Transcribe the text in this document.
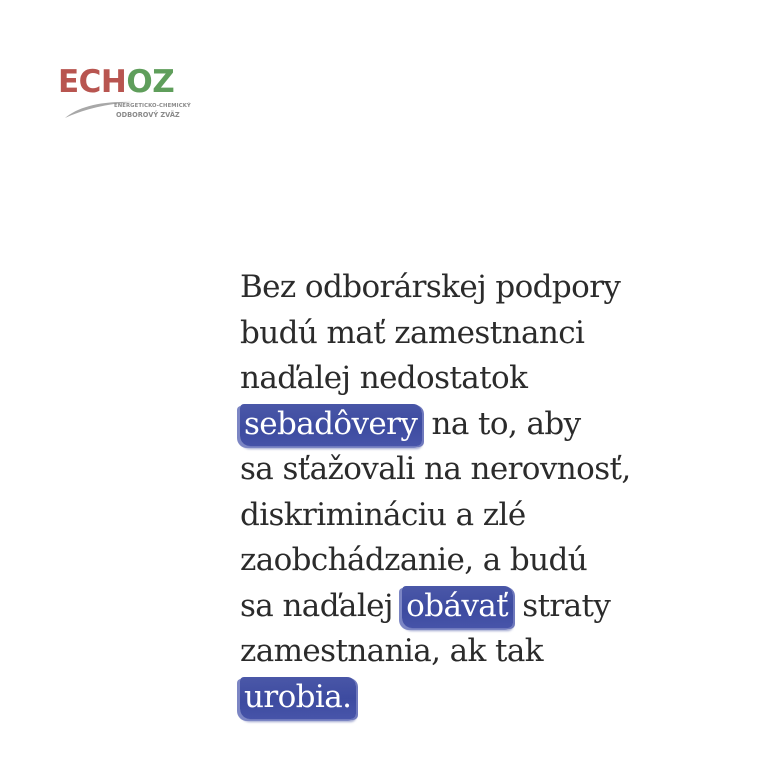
ECHOZ

ENERGETICKO-CHEMICKÝ
ODBOROVÝ ZVÄZ

Bez odborárskej podpory
budú mať zamestnanci
naďalej nedostatok
sebadôvery na to, aby
sa sťažovali na nerovnosť,
diskrimináciu a zlé
zaobchádzanie, a budú
sa naďalej obávať straty
zamestnania, ak tak
urobia.
